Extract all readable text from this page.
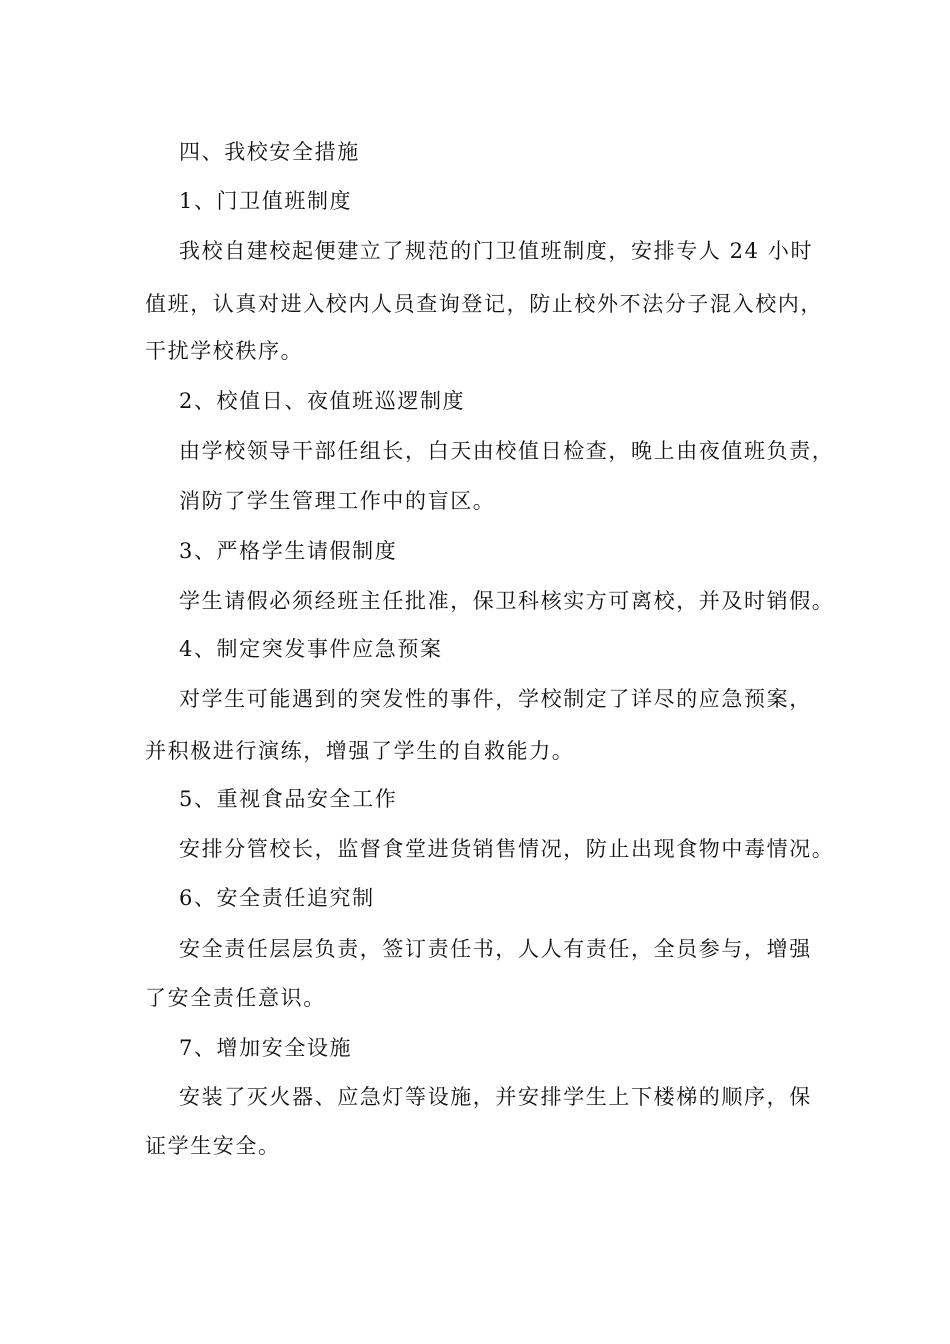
四、我校安全措施
1、门卫值班制度
我校自建校起便建立了规范的门卫值班制度，安排专人 24 小时
值班，认真对进入校内人员查询登记，防止校外不法分子混入校内，
干扰学校秩序。
2、校值日、夜值班巡逻制度
由学校领导干部任组长，白天由校值日检查，晚上由夜值班负责，
消防了学生管理工作中的盲区。
3、严格学生请假制度
学生请假必须经班主任批准，保卫科核实方可离校，并及时销假。
4、制定突发事件应急预案
对学生可能遇到的突发性的事件，学校制定了详尽的应急预案，
并积极进行演练，增强了学生的自救能力。
5、重视食品安全工作
安排分管校长，监督食堂进货销售情况，防止出现食物中毒情况。
6、安全责任追究制
安全责任层层负责，签订责任书，人人有责任，全员参与，增强
了安全责任意识。
7、增加安全设施
安装了灭火器、应急灯等设施，并安排学生上下楼梯的顺序，保
证学生安全。
